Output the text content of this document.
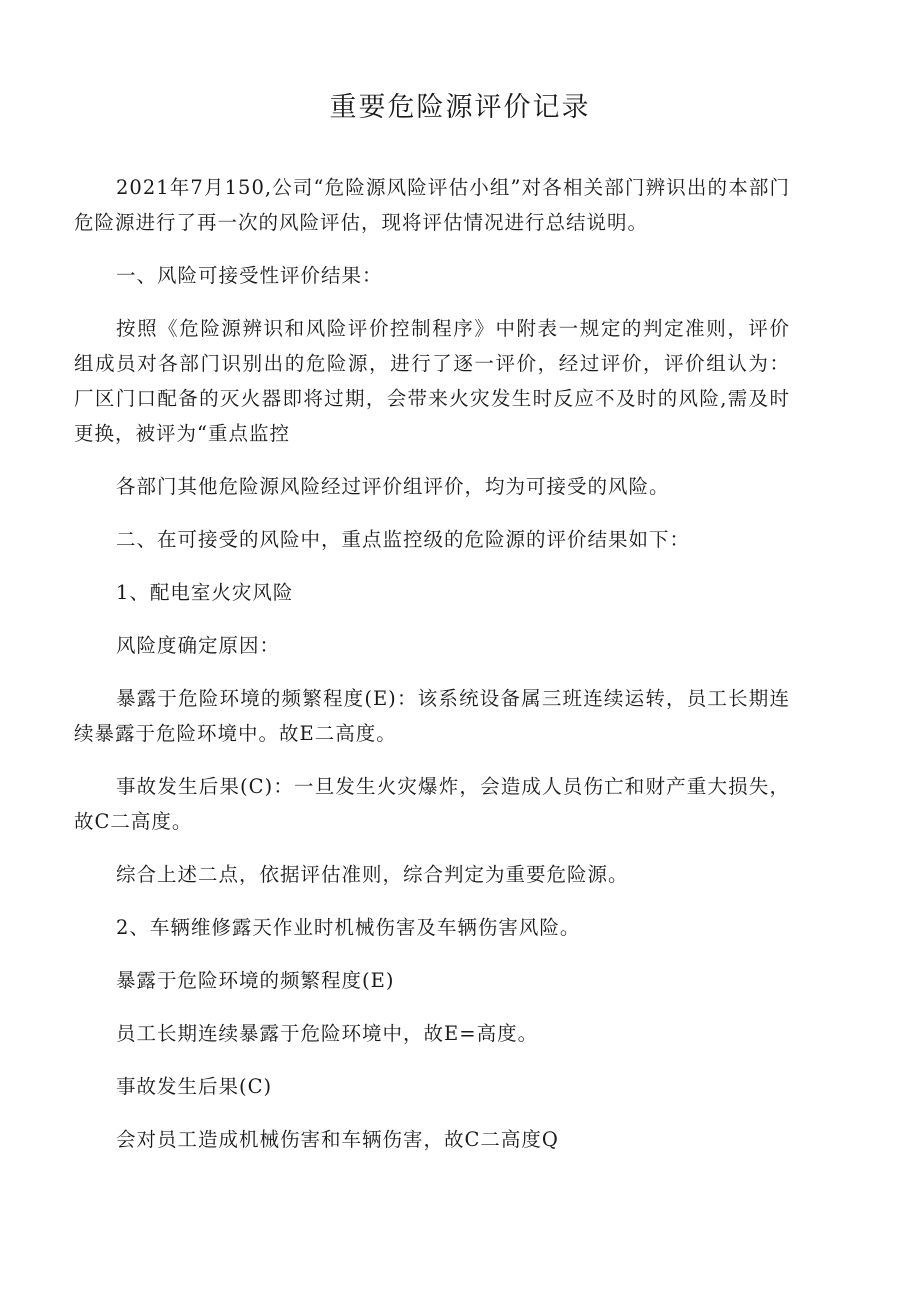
重要危险源评价记录

2021年7月150,公司“危险源风险评估小组”对各相关部门辨识出的本部门危险源进行了再一次的风险评估，现将评估情况进行总结说明。

一、风险可接受性评价结果：

按照《危险源辨识和风险评价控制程序》中附表一规定的判定准则，评价组成员对各部门识别出的危险源，进行了逐一评价，经过评价，评价组认为：厂区门口配备的灭火器即将过期，会带来火灾发生时反应不及时的风险,需及时更换，被评为“重点监控

各部门其他危险源风险经过评价组评价，均为可接受的风险。

二、在可接受的风险中，重点监控级的危险源的评价结果如下：

1、配电室火灾风险

风险度确定原因：

暴露于危险环境的频繁程度(E)：该系统设备属三班连续运转，员工长期连续暴露于危险环境中。故E二高度。

事故发生后果(C)：一旦发生火灾爆炸，会造成人员伤亡和财产重大损失，故C二高度。

综合上述二点，依据评估准则，综合判定为重要危险源。

2、车辆维修露天作业时机械伤害及车辆伤害风险。

暴露于危险环境的频繁程度(E)

员工长期连续暴露于危险环境中，故E=高度。

事故发生后果(C)

会对员工造成机械伤害和车辆伤害，故C二高度Q
